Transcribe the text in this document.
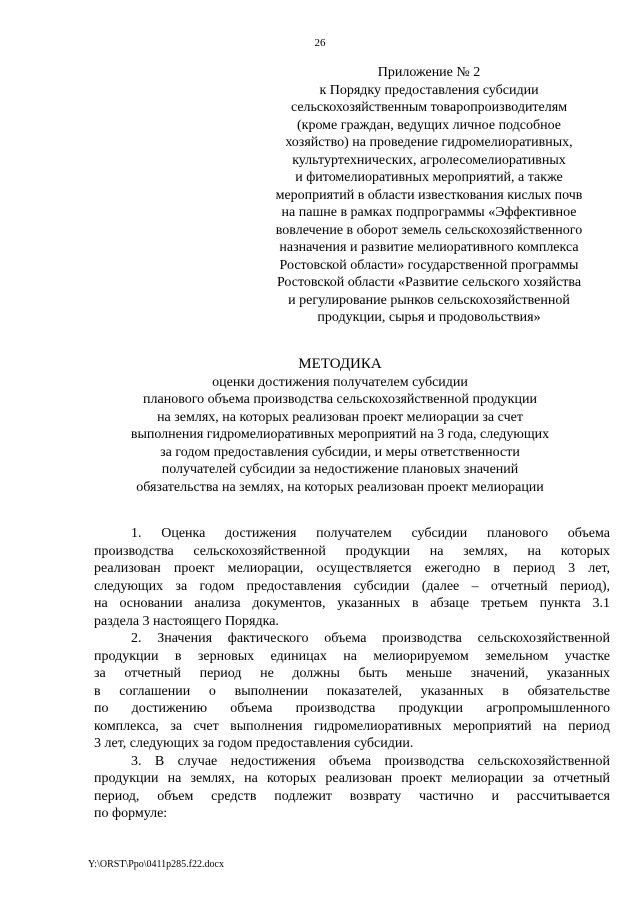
26
Приложение № 2
к Порядку предоставления субсидии
сельскохозяйственным товаропроизводителям
(кроме граждан, ведущих личное подсобное
хозяйство) на проведение гидромелиоративных,
культуртехнических, агролесомелиоративных
и фитомелиоративных мероприятий, а также
мероприятий в области известкования кислых почв
на пашне в рамках подпрограммы «Эффективное
вовлечение в оборот земель сельскохозяйственного
назначения и развитие мелиоративного комплекса
Ростовской области» государственной программы
Ростовской области «Развитие сельского хозяйства
и регулирование рынков сельскохозяйственной
продукции, сырья и продовольствия»
МЕТОДИКА
оценки достижения получателем субсидии
планового объема производства сельскохозяйственной продукции
на землях, на которых реализован проект мелиорации за счет
выполнения гидромелиоративных мероприятий на 3 года, следующих
за годом предоставления субсидии, и меры ответственности
получателей субсидии за недостижение плановых значений
обязательства на землях, на которых реализован проект мелиорации
1. Оценка достижения получателем субсидии планового объема
производства сельскохозяйственной продукции на землях, на которых
реализован проект мелиорации, осуществляется ежегодно в период 3 лет,
следующих за годом предоставления субсидии (далее – отчетный период),
на основании анализа документов, указанных в абзаце третьем пункта 3.1
раздела 3 настоящего Порядка.
2. Значения фактического объема производства сельскохозяйственной
продукции в зерновых единицах на мелиорируемом земельном участке
за отчетный период не должны быть меньше значений, указанных
в соглашении о выполнении показателей, указанных в обязательстве
по достижению объема производства продукции агропромышленного
комплекса, за счет выполнения гидромелиоративных мероприятий на период
3 лет, следующих за годом предоставления субсидии.
3. В случае недостижения объема производства сельскохозяйственной
продукции на землях, на которых реализован проект мелиорации за отчетный
период, объем средств подлежит возврату частично и рассчитывается
по формуле:
Y:\ORST\Ppo\0411p285.f22.docx
